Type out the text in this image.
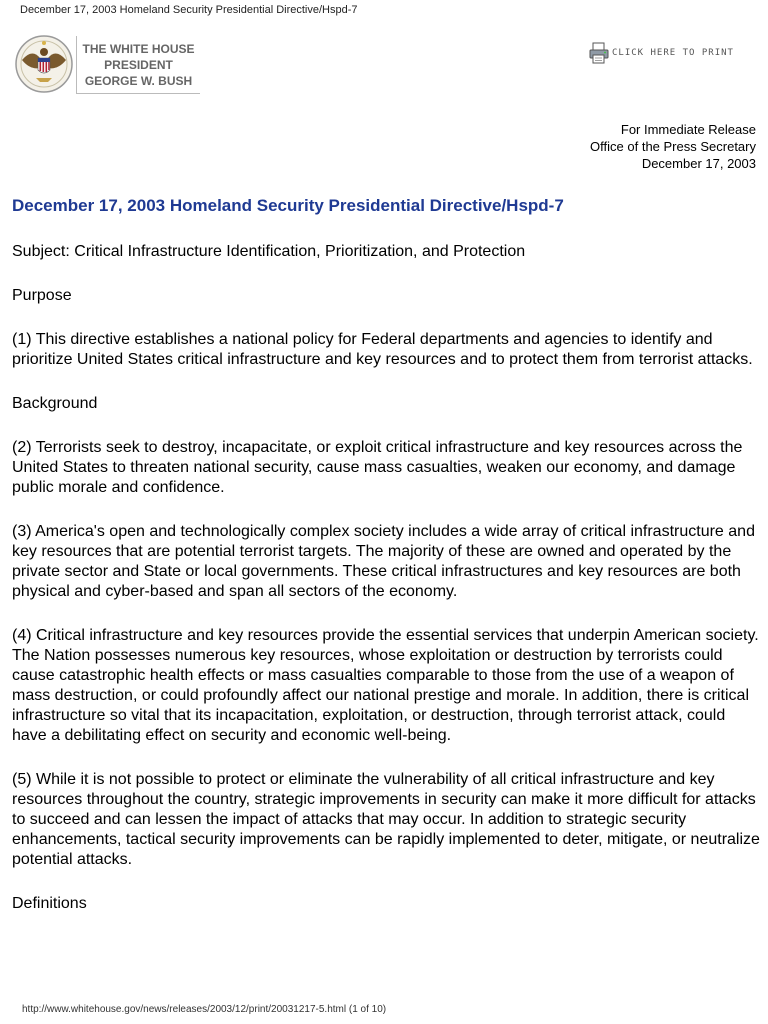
December 17, 2003 Homeland Security Presidential Directive/Hspd-7
THE WHITE HOUSE
PRESIDENT
GEORGE W. BUSH
CLICK HERE TO PRINT
For Immediate Release
Office of the Press Secretary
December 17, 2003
December 17, 2003 Homeland Security Presidential Directive/Hspd-7

Subject: Critical Infrastructure Identification, Prioritization, and Protection

Purpose

(1) This directive establishes a national policy for Federal departments and agencies to identify and prioritize United States critical infrastructure and key resources and to protect them from terrorist attacks.

Background

(2) Terrorists seek to destroy, incapacitate, or exploit critical infrastructure and key resources across the United States to threaten national security, cause mass casualties, weaken our economy, and damage public morale and confidence.

(3) America's open and technologically complex society includes a wide array of critical infrastructure and key resources that are potential terrorist targets. The majority of these are owned and operated by the private sector and State or local governments. These critical infrastructures and key resources are both physical and cyber-based and span all sectors of the economy.

(4) Critical infrastructure and key resources provide the essential services that underpin American society. The Nation possesses numerous key resources, whose exploitation or destruction by terrorists could cause catastrophic health effects or mass casualties comparable to those from the use of a weapon of mass destruction, or could profoundly affect our national prestige and morale. In addition, there is critical infrastructure so vital that its incapacitation, exploitation, or destruction, through terrorist attack, could have a debilitating effect on security and economic well-being.

(5) While it is not possible to protect or eliminate the vulnerability of all critical infrastructure and key resources throughout the country, strategic improvements in security can make it more difficult for attacks to succeed and can lessen the impact of attacks that may occur. In addition to strategic security enhancements, tactical security improvements can be rapidly implemented to deter, mitigate, or neutralize potential attacks.

Definitions

http://www.whitehouse.gov/news/releases/2003/12/print/20031217-5.html (1 of 10)
